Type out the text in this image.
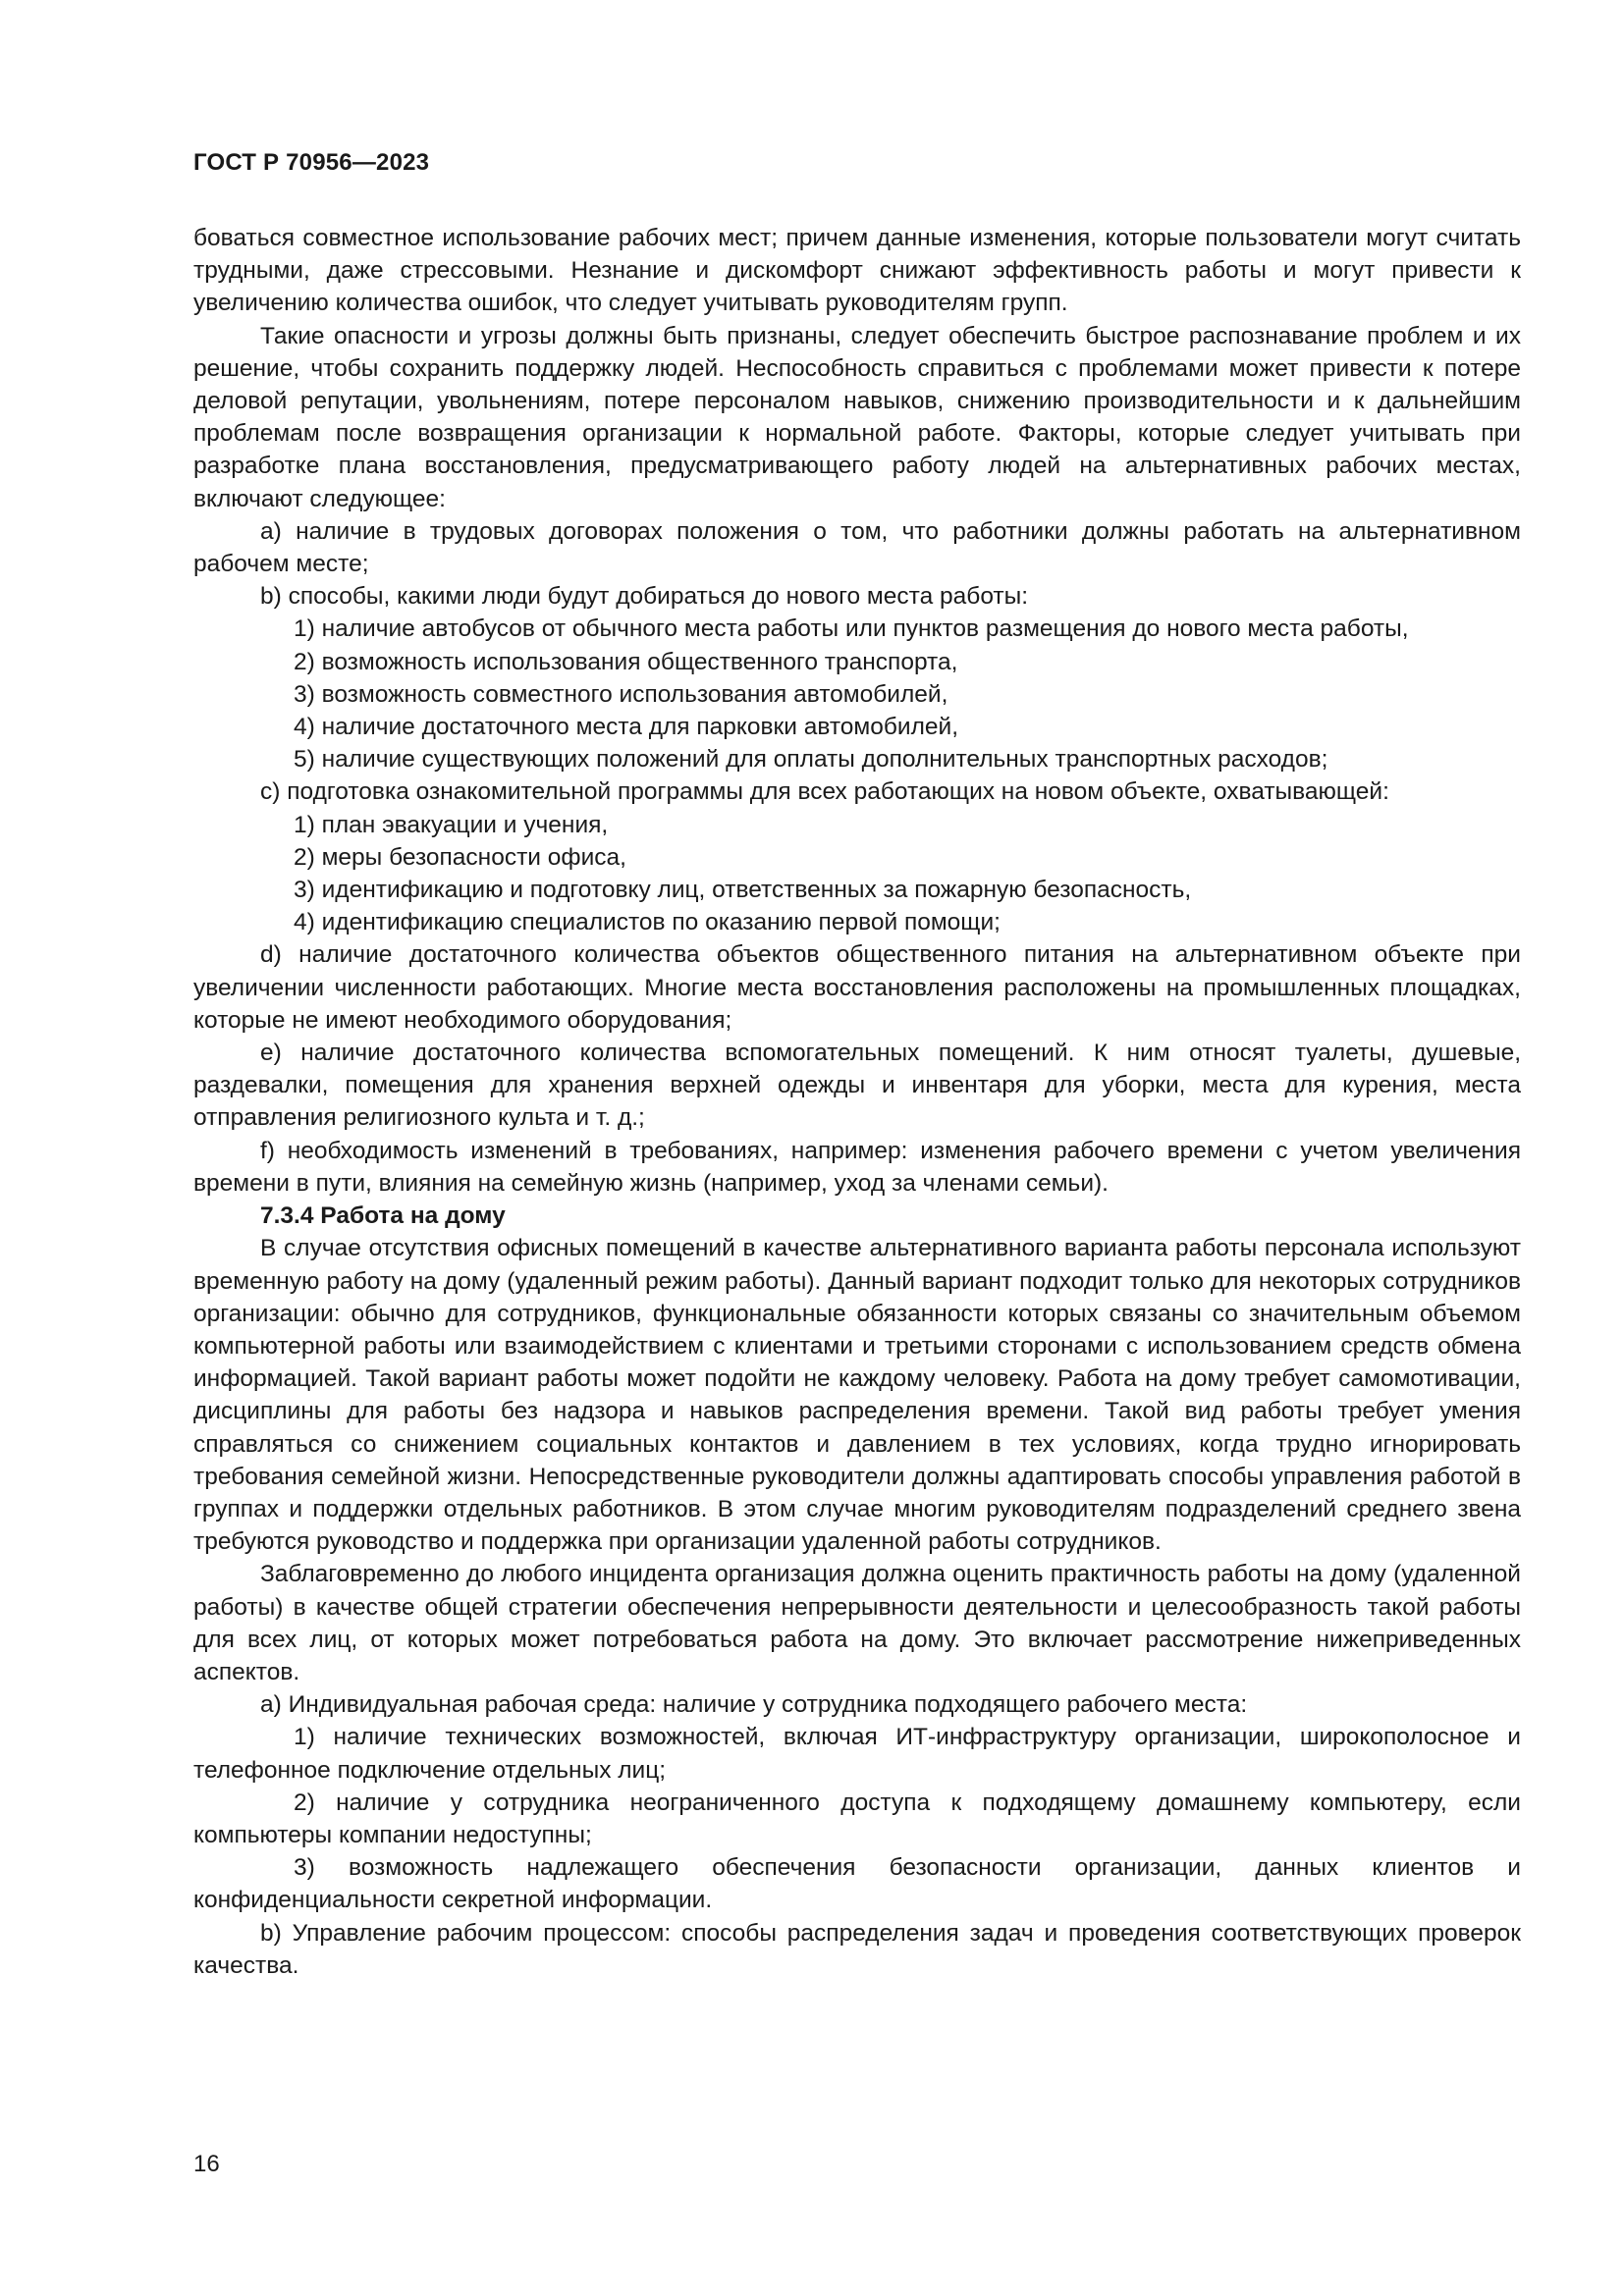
ГОСТ Р 70956—2023

боваться совместное использование рабочих мест; причем данные изменения, которые пользователи могут считать трудными, даже стрессовыми. Незнание и дискомфорт снижают эффективность работы и могут привести к увеличению количества ошибок, что следует учитывать руководителям групп.

Такие опасности и угрозы должны быть признаны, следует обеспечить быстрое распознавание проблем и их решение, чтобы сохранить поддержку людей. Неспособность справиться с проблемами может привести к потере деловой репутации, увольнениям, потере персоналом навыков, снижению производительности и к дальнейшим проблемам после возвращения организации к нормальной работе. Факторы, которые следует учитывать при разработке плана восстановления, предусматривающего работу людей на альтернативных рабочих местах, включают следующее:

a) наличие в трудовых договорах положения о том, что работники должны работать на альтернативном рабочем месте;

b) способы, какими люди будут добираться до нового места работы:

1) наличие автобусов от обычного места работы или пунктов размещения до нового места работы,

2) возможность использования общественного транспорта,

3) возможность совместного использования автомобилей,

4) наличие достаточного места для парковки автомобилей,

5) наличие существующих положений для оплаты дополнительных транспортных расходов;

c) подготовка ознакомительной программы для всех работающих на новом объекте, охватывающей:

1) план эвакуации и учения,

2) меры безопасности офиса,

3) идентификацию и подготовку лиц, ответственных за пожарную безопасность,

4) идентификацию специалистов по оказанию первой помощи;

d) наличие достаточного количества объектов общественного питания на альтернативном объекте при увеличении численности работающих. Многие места восстановления расположены на промышленных площадках, которые не имеют необходимого оборудования;

e) наличие достаточного количества вспомогательных помещений. К ним относят туалеты, душевые, раздевалки, помещения для хранения верхней одежды и инвентаря для уборки, места для курения, места отправления религиозного культа и т. д.;

f) необходимость изменений в требованиях, например: изменения рабочего времени с учетом увеличения времени в пути, влияния на семейную жизнь (например, уход за членами семьи).

7.3.4 Работа на дому

В случае отсутствия офисных помещений в качестве альтернативного варианта работы персонала используют временную работу на дому (удаленный режим работы). Данный вариант подходит только для некоторых сотрудников организации: обычно для сотрудников, функциональные обязанности которых связаны со значительным объемом компьютерной работы или взаимодействием с клиентами и третьими сторонами с использованием средств обмена информацией. Такой вариант работы может подойти не каждому человеку. Работа на дому требует самомотивации, дисциплины для работы без надзора и навыков распределения времени. Такой вид работы требует умения справляться со снижением социальных контактов и давлением в тех условиях, когда трудно игнорировать требования семейной жизни. Непосредственные руководители должны адаптировать способы управления работой в группах и поддержки отдельных работников. В этом случае многим руководителям подразделений среднего звена требуются руководство и поддержка при организации удаленной работы сотрудников.

Заблаговременно до любого инцидента организация должна оценить практичность работы на дому (удаленной работы) в качестве общей стратегии обеспечения непрерывности деятельности и целесообразность такой работы для всех лиц, от которых может потребоваться работа на дому. Это включает рассмотрение нижеприведенных аспектов.

a) Индивидуальная рабочая среда: наличие у сотрудника подходящего рабочего места:

1) наличие технических возможностей, включая ИТ-инфраструктуру организации, широкополосное и телефонное подключение отдельных лиц;

2) наличие у сотрудника неограниченного доступа к подходящему домашнему компьютеру, если компьютеры компании недоступны;

3) возможность надлежащего обеспечения безопасности организации, данных клиентов и конфиденциальности секретной информации.

b) Управление рабочим процессом: способы распределения задач и проведения соответствующих проверок качества.

16
